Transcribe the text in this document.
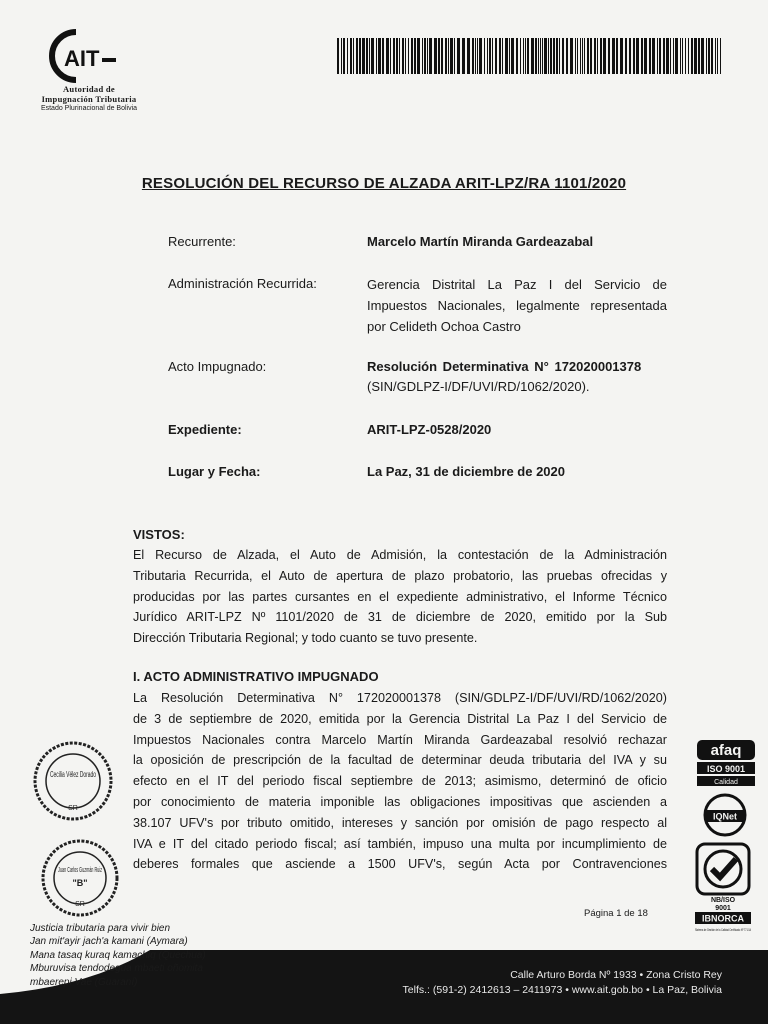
AIT
Autoridad de
Impugnación Tributaria
Estado Plurinacional de Bolivia
RESOLUCIÓN DEL RECURSO DE ALZADA ARIT-LPZ/RA 1101/2020
Recurrente:	Marcelo Martín Miranda Gardeazabal
Administración Recurrida:	Gerencia Distrital La Paz I del Servicio de Impuestos Nacionales, legalmente representada por Celideth Ochoa Castro
Acto Impugnado:	Resolución Determinativa N° 172020001378
(SIN/GDLPZ-I/DF/UVI/RD/1062/2020).
Expediente:	ARIT-LPZ-0528/2020
Lugar y Fecha:	La Paz, 31 de diciembre de 2020
VISTOS:
El Recurso de Alzada, el Auto de Admisión, la contestación de la Administración
Tributaria Recurrida, el Auto de apertura de plazo probatorio, las pruebas ofrecidas y
producidas por las partes cursantes en el expediente administrativo, el Informe Técnico
Jurídico ARIT-LPZ Nº 1101/2020 de 31 de diciembre de 2020, emitido por la Sub
Dirección Tributaria Regional; y todo cuanto se tuvo presente.
I. ACTO ADMINISTRATIVO IMPUGNADO
La Resolución Determinativa N° 172020001378 (SIN/GDLPZ-I/DF/UVI/RD/1062/2020)
de 3 de septiembre de 2020, emitida por la Gerencia Distrital La Paz I del Servicio de
Impuestos Nacionales contra Marcelo Martín Miranda Gardeazabal resolvió rechazar
la oposición de prescripción de la facultad de determinar deuda tributaria del IVA y su
efecto en el IT del periodo fiscal septiembre de 2013; asimismo, determinó de oficio
por conocimiento de materia imponible las obligaciones impositivas que ascienden a
38.107 UFV's por tributo omitido, intereses y sanción por omisión de pago respecto al
IVA e IT del citado periodo fiscal; así también, impuso una multa por incumplimiento de
deberes formales que asciende a 1500 UFV's, según Acta por Contravenciones
Cecilia Vélez Dorado
SR
Juan Carlos Guzmán Ruiz
"B"
SR
afaq
ISO 9001
Calidad
IQNet
NB/ISO
9001
IBNORCA
Sistema de Gestión de la Calidad Certificado Nº 771/14
Página 1 de 18
Calle Arturo Borda Nº 1933 • Zona Cristo Rey
Telfs.: (591-2) 2412613 – 2411973 • www.ait.gob.bo • La Paz, Bolivia
Justicia tributaria para vivir bien
Jan mit'ayir jach'a kamani (Aymara)
Mana tasaq kuraq kamachiq (Quechua)
Mburuvisa tendodegua mbaeti oñomita
mbaerepi Vae (Guaraní)
